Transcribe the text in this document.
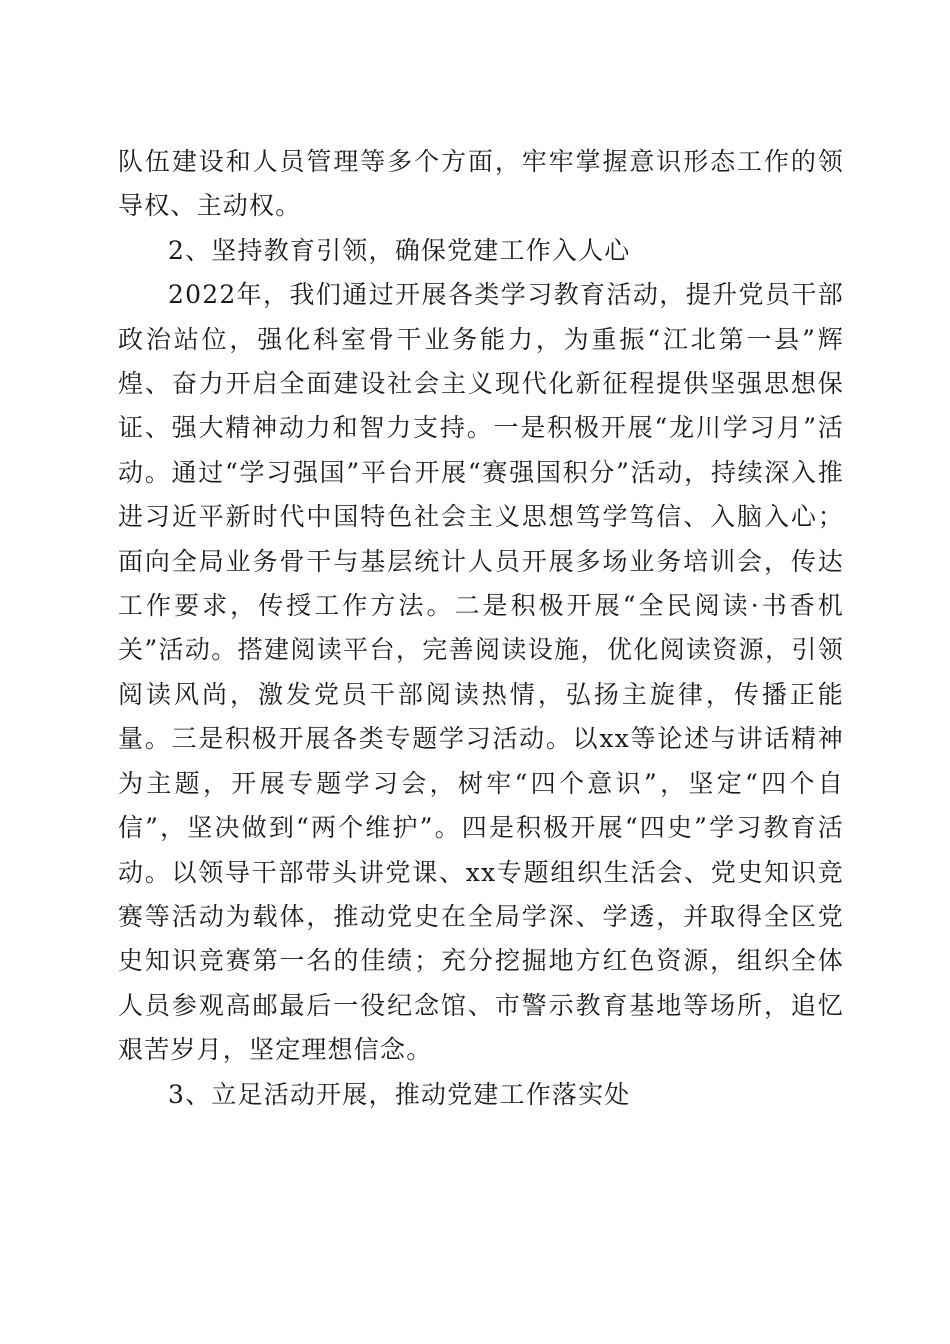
队伍建设和人员管理等多个方面，牢牢掌握意识形态工作的领导权、主动权。

2、坚持教育引领，确保党建工作入人心

2022年，我们通过开展各类学习教育活动，提升党员干部政治站位，强化科室骨干业务能力，为重振“江北第一县”辉煌、奋力开启全面建设社会主义现代化新征程提供坚强思想保证、强大精神动力和智力支持。一是积极开展“龙川学习月”活动。通过“学习强国”平台开展“赛强国积分”活动，持续深入推进习近平新时代中国特色社会主义思想笃学笃信、入脑入心；面向全局业务骨干与基层统计人员开展多场业务培训会，传达工作要求，传授工作方法。二是积极开展“全民阅读·书香机关”活动。搭建阅读平台，完善阅读设施，优化阅读资源，引领阅读风尚，激发党员干部阅读热情，弘扬主旋律，传播正能量。三是积极开展各类专题学习活动。以xx等论述与讲话精神为主题，开展专题学习会，树牢“四个意识”，坚定“四个自信”，坚决做到“两个维护”。四是积极开展“四史”学习教育活动。以领导干部带头讲党课、xx专题组织生活会、党史知识竞赛等活动为载体，推动党史在全局学深、学透，并取得全区党史知识竞赛第一名的佳绩；充分挖掘地方红色资源，组织全体人员参观高邮最后一役纪念馆、市警示教育基地等场所，追忆艰苦岁月，坚定理想信念。

3、立足活动开展，推动党建工作落实处
